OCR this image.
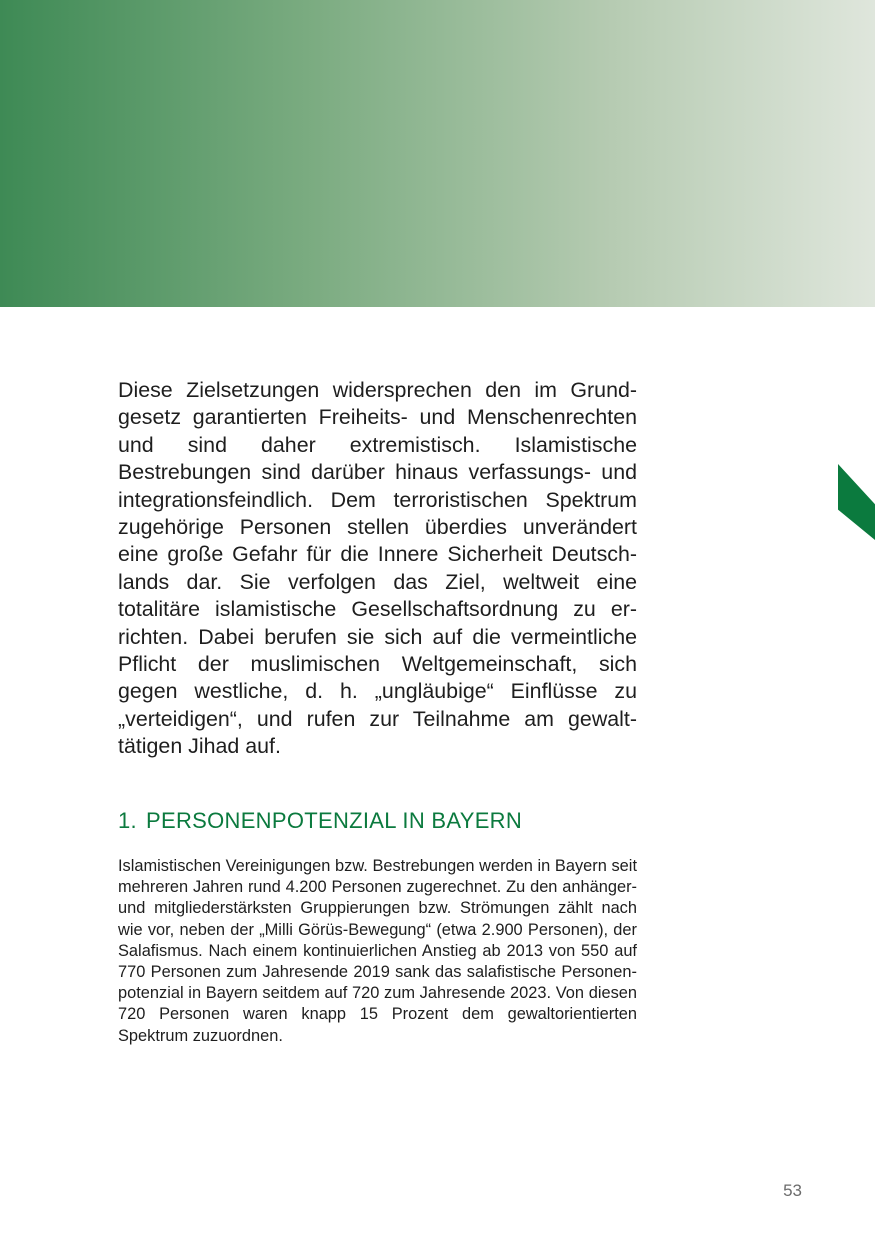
Diese Zielsetzungen widersprechen den im Grundgesetz garantierten Freiheits- und Menschenrechten und sind daher extremistisch. Islamistische Bestrebungen sind darüber hinaus verfassungs- und integrationsfeindlich. Dem terroristischen Spektrum zugehörige Personen stellen überdies unverändert eine große Gefahr für die Innere Sicherheit Deutschlands dar. Sie verfolgen das Ziel, weltweit eine totalitäre islamistische Gesellschaftsordnung zu errichten. Dabei berufen sie sich auf die vermeintliche Pflicht der muslimischen Weltgemeinschaft, sich gegen westliche, d. h. „ungläubige“ Einflüsse zu „verteidigen“, und rufen zur Teilnahme am gewalttätigen Jihad auf.

1. PERSONENPOTENZIAL IN BAYERN

Islamistischen Vereinigungen bzw. Bestrebungen werden in Bayern seit mehreren Jahren rund 4.200 Personen zugerechnet. Zu den anhänger- und mitgliederstärksten Gruppierungen bzw. Strömungen zählt nach wie vor, neben der „Milli Görüs-Bewegung“ (etwa 2.900 Personen), der Salafismus. Nach einem kontinuierlichen Anstieg ab 2013 von 550 auf 770 Personen zum Jahresende 2019 sank das salafistische Personenpotenzial in Bayern seitdem auf 720 zum Jahresende 2023. Von diesen 720 Personen waren knapp 15 Prozent dem gewaltorientierten Spektrum zuzuordnen.

53
